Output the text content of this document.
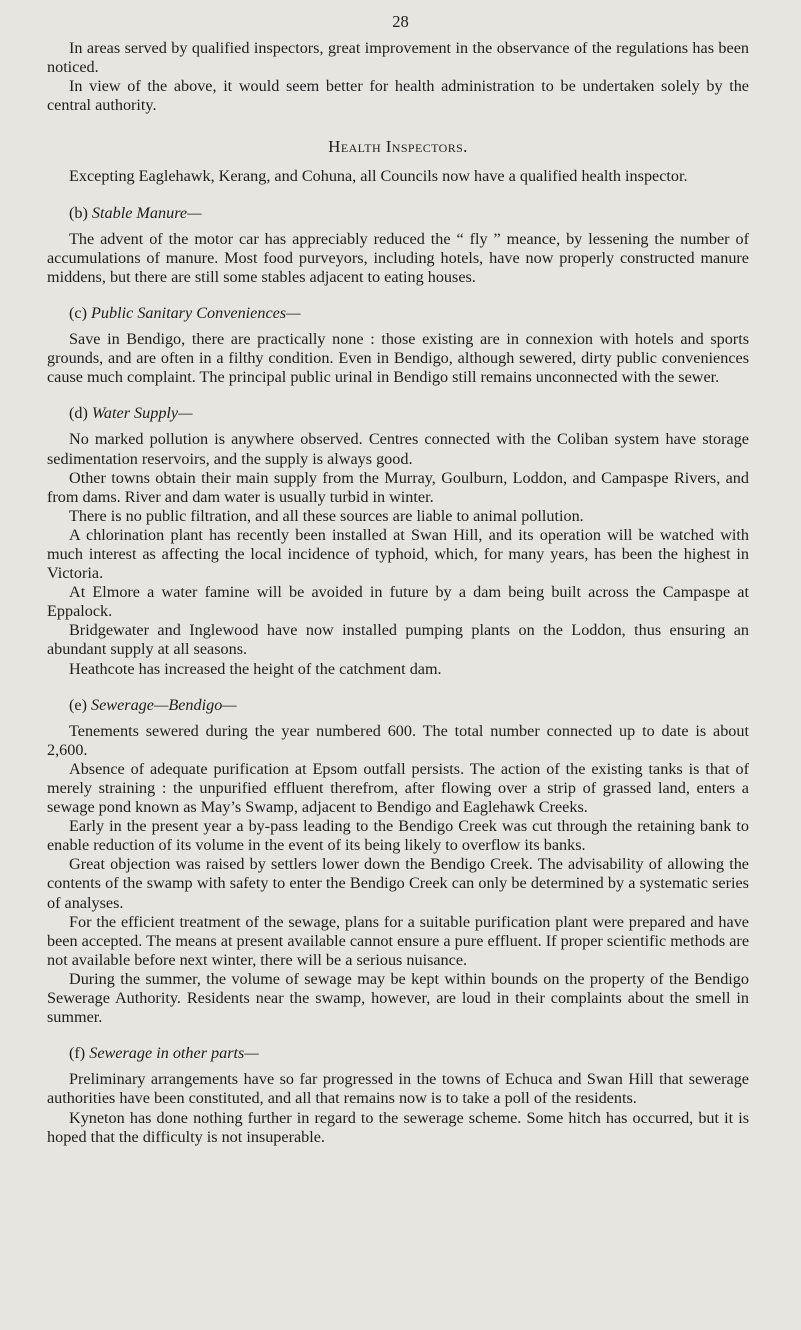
28

In areas served by qualified inspectors, great improvement in the observance of the regulations has been noticed.

In view of the above, it would seem better for health administration to be undertaken solely by the central authority.

Health Inspectors.

Excepting Eaglehawk, Kerang, and Cohuna, all Councils now have a qualified health inspector.

(b) Stable Manure—

The advent of the motor car has appreciably reduced the “ fly ” meance, by lessening the number of accumulations of manure. Most food purveyors, including hotels, have now properly constructed manure middens, but there are still some stables adjacent to eating houses.

(c) Public Sanitary Conveniences—

Save in Bendigo, there are practically none : those existing are in connexion with hotels and sports grounds, and are often in a filthy condition. Even in Bendigo, although sewered, dirty public conveniences cause much complaint. The principal public urinal in Bendigo still remains unconnected with the sewer.

(d) Water Supply—

No marked pollution is anywhere observed. Centres connected with the Coliban system have storage sedimentation reservoirs, and the supply is always good.

Other towns obtain their main supply from the Murray, Goulburn, Loddon, and Campaspe Rivers, and from dams. River and dam water is usually turbid in winter.

There is no public filtration, and all these sources are liable to animal pollution.

A chlorination plant has recently been installed at Swan Hill, and its operation will be watched with much interest as affecting the local incidence of typhoid, which, for many years, has been the highest in Victoria.

At Elmore a water famine will be avoided in future by a dam being built across the Campaspe at Eppalock.

Bridgewater and Inglewood have now installed pumping plants on the Loddon, thus ensuring an abundant supply at all seasons.

Heathcote has increased the height of the catchment dam.

(e) Sewerage—Bendigo—

Tenements sewered during the year numbered 600. The total number connected up to date is about 2,600.

Absence of adequate purification at Epsom outfall persists. The action of the existing tanks is that of merely straining : the unpurified effluent therefrom, after flowing over a strip of grassed land, enters a sewage pond known as May’s Swamp, adjacent to Bendigo and Eaglehawk Creeks.

Early in the present year a by-pass leading to the Bendigo Creek was cut through the retaining bank to enable reduction of its volume in the event of its being likely to overflow its banks.

Great objection was raised by settlers lower down the Bendigo Creek. The advisability of allowing the contents of the swamp with safety to enter the Bendigo Creek can only be determined by a systematic series of analyses.

For the efficient treatment of the sewage, plans for a suitable purification plant were prepared and have been accepted. The means at present available cannot ensure a pure effluent. If proper scientific methods are not available before next winter, there will be a serious nuisance.

During the summer, the volume of sewage may be kept within bounds on the property of the Bendigo Sewerage Authority. Residents near the swamp, however, are loud in their complaints about the smell in summer.

(f) Sewerage in other parts—

Preliminary arrangements have so far progressed in the towns of Echuca and Swan Hill that sewerage authorities have been constituted, and all that remains now is to take a poll of the residents.

Kyneton has done nothing further in regard to the sewerage scheme. Some hitch has occurred, but it is hoped that the difficulty is not insuperable.
